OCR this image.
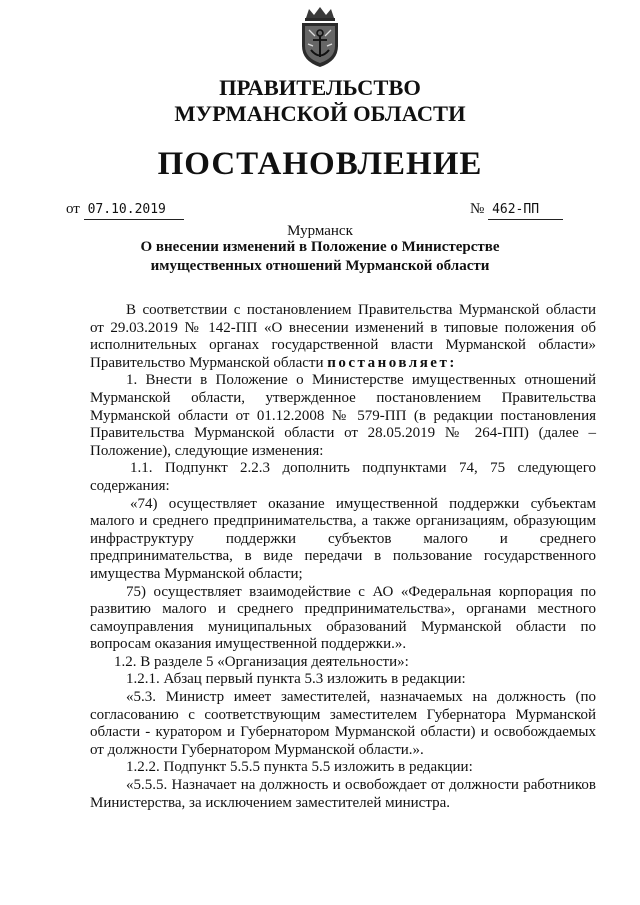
ПРАВИТЕЛЬСТВО
МУРМАНСКОЙ ОБЛАСТИ
ПОСТАНОВЛЕНИЕ
от 07.10.2019	№ 462-ПП
Мурманск
О внесении изменений в Положение о Министерстве имущественных отношений Мурманской области

В соответствии с постановлением Правительства Мурманской области от 29.03.2019 № 142-ПП «О внесении изменений в типовые положения об исполнительных органах государственной власти Мурманской области» Правительство Мурманской области постановляет:

1. Внести в Положение о Министерстве имущественных отношений Мурманской области, утвержденное постановлением Правительства Мурманской области от 01.12.2008 № 579-ПП (в редакции постановления Правительства Мурманской области от 28.05.2019 № 264-ПП) (далее – Положение), следующие изменения:

1.1. Подпункт 2.2.3 дополнить подпунктами 74, 75 следующего содержания:

«74) осуществляет оказание имущественной поддержки субъектам малого и среднего предпринимательства, а также организациям, образующим инфраструктуру поддержки субъектов малого и среднего предпринимательства, в виде передачи в пользование государственного имущества Мурманской области;

75) осуществляет взаимодействие с АО «Федеральная корпорация по развитию малого и среднего предпринимательства», органами местного самоуправления муниципальных образований Мурманской области по вопросам оказания имущественной поддержки.».

1.2. В разделе 5 «Организация деятельности»:

1.2.1. Абзац первый пункта 5.3 изложить в редакции:

«5.3. Министр имеет заместителей, назначаемых на должность (по согласованию с соответствующим заместителем Губернатора Мурманской области - куратором и Губернатором Мурманской области) и освобождаемых от должности Губернатором Мурманской области.».

1.2.2. Подпункт 5.5.5 пункта 5.5 изложить в редакции:

«5.5.5. Назначает на должность и освобождает от должности работников Министерства, за исключением заместителей министра.
